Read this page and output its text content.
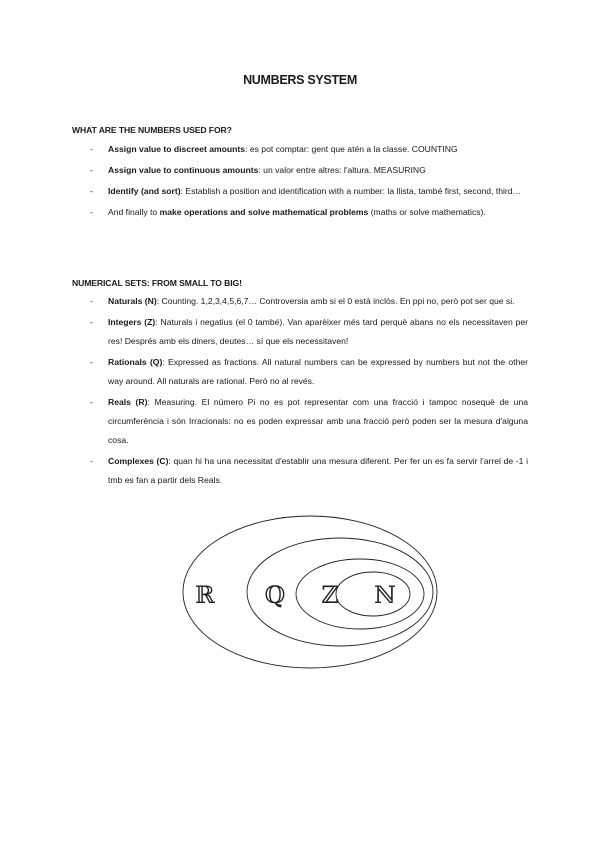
NUMBERS SYSTEM
WHAT ARE THE NUMBERS USED FOR?
- Assign value to discreet amounts: es pot comptar: gent que atén a la classe. COUNTING
- Assign value to continuous amounts: un valor entre altres: l'altura. MEASURING
- Identify (and sort): Establish a position and identification with a number: la llista, també first, second, third…
- And finally to make operations and solve mathematical problems (maths or solve mathematics).
NUMERICAL SETS: FROM SMALL TO BIG!
- Naturals (N): Counting. 1,2,3,4,5,6,7… Controversia amb si el 0 està inclòs. En ppi no, però pot ser que si.
- Integers (Z): Naturals i negatius (el 0 també). Van aparèixer més tard perquè abans no els necessitaven per res! Després amb els diners, deutes… sí que els necessitaven!
- Rationals (Q): Expressed as fractions. All natural numbers can be expressed by numbers but not the other way around. All naturals are rational. Però no al revés.
- Reals (R): Measuring. El número Pi no es pot representar com una fracció i tampoc nosequè de una circumferència i són Irracionals: no es poden expressar amb una fracció però poden ser la mesura d'alguna cosa.
- Complexes (C): quan hi ha una necessitat d'establir una mesura diferent. Per fer un es fa servir l'arrel de -1 i tmb es fan a partir dels Reals.
ℝ ℚ ℤ ℕ
